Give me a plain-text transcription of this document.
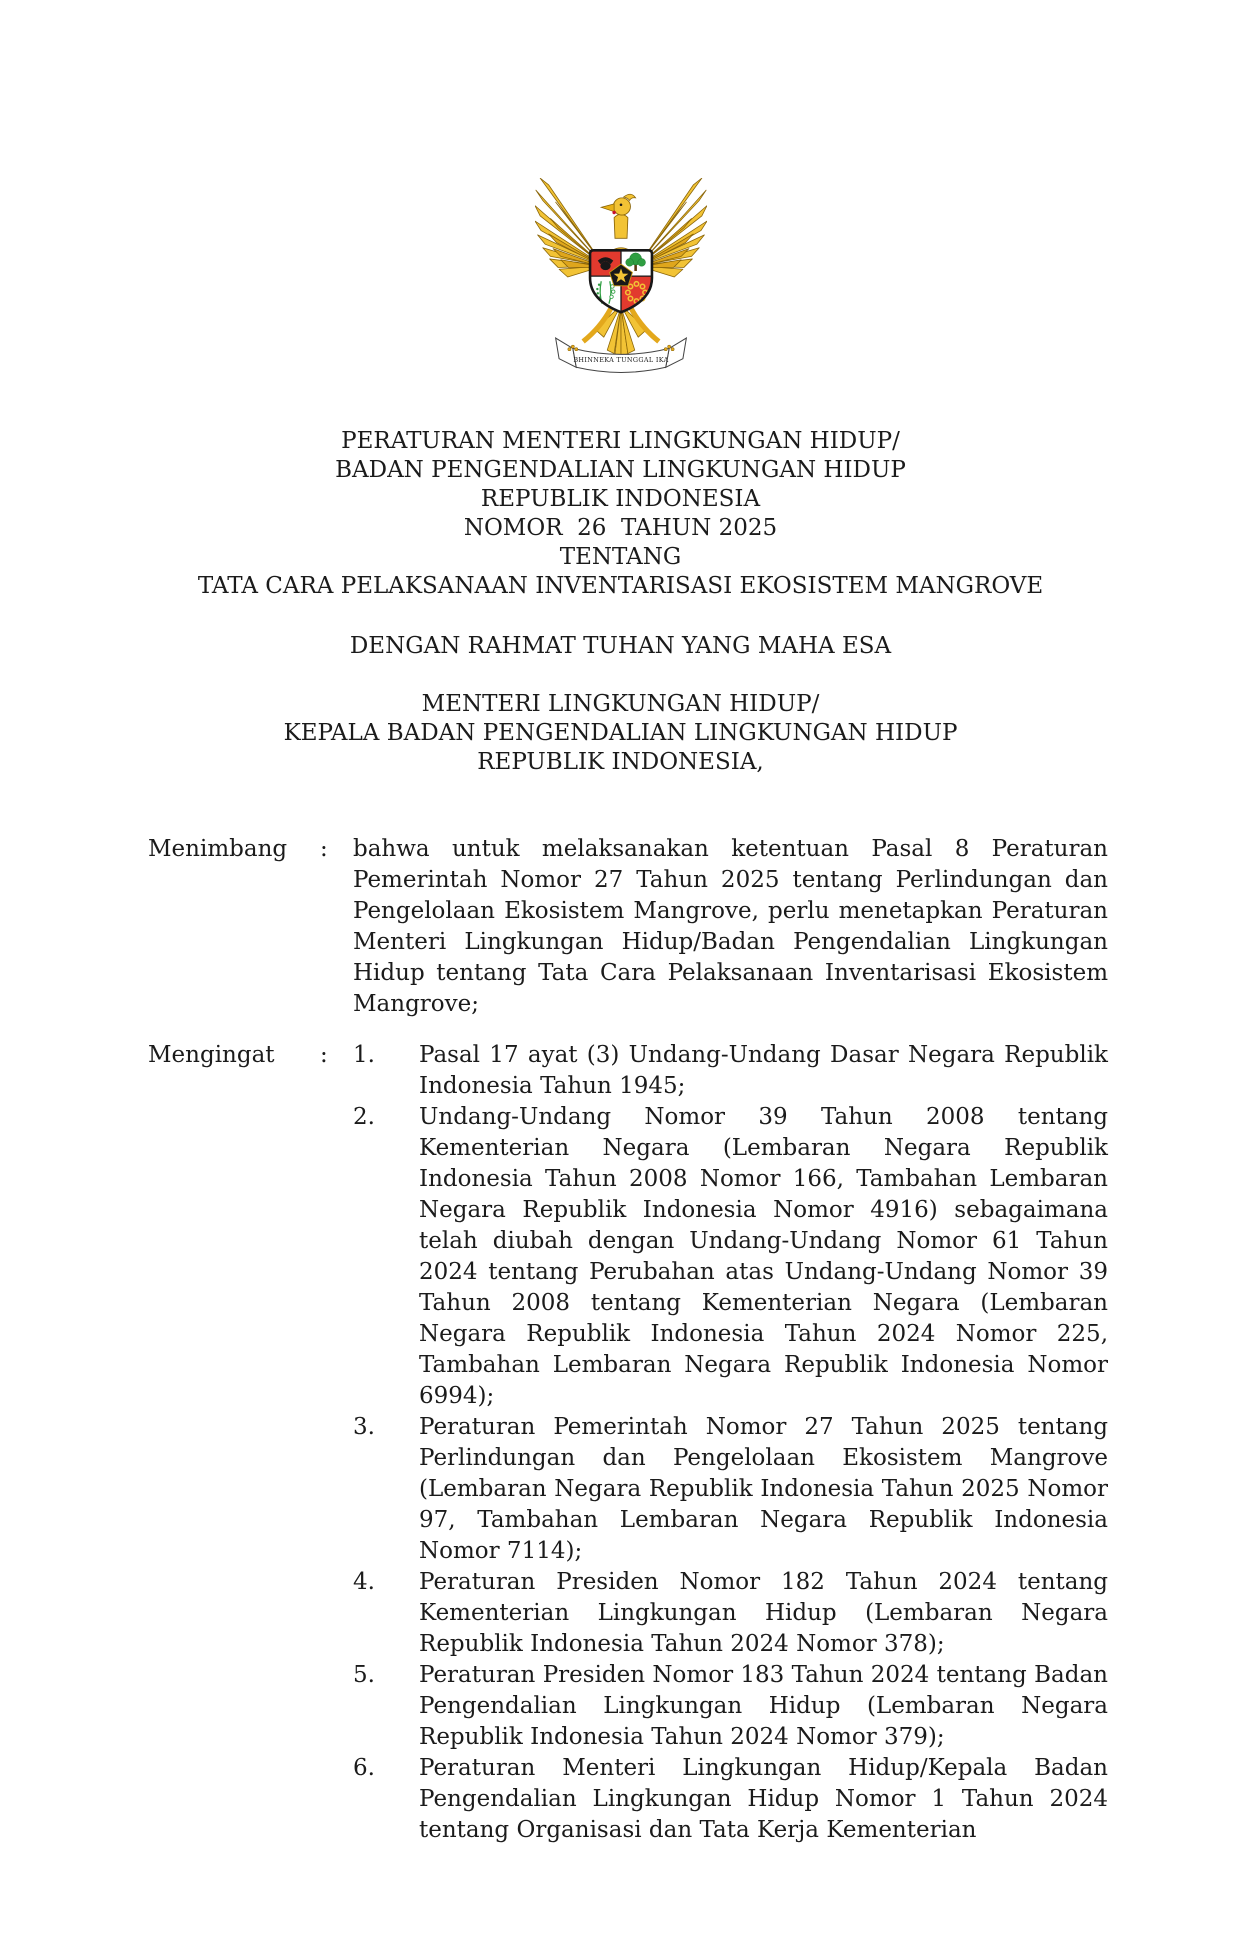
BHINNEKA TUNGGAL IKA
PERATURAN MENTERI LINGKUNGAN HIDUP/
BADAN PENGENDALIAN LINGKUNGAN HIDUP
REPUBLIK INDONESIA
NOMOR  26  TAHUN 2025
TENTANG
TATA CARA PELAKSANAAN INVENTARISASI EKOSISTEM MANGROVE
DENGAN RAHMAT TUHAN YANG MAHA ESA
MENTERI LINGKUNGAN HIDUP/
KEPALA BADAN PENGENDALIAN LINGKUNGAN HIDUP
REPUBLIK INDONESIA,
Menimbang	:	bahwa untuk melaksanakan ketentuan Pasal 8 Peraturan Pemerintah Nomor 27 Tahun 2025 tentang Perlindungan dan Pengelolaan Ekosistem Mangrove, perlu menetapkan Peraturan Menteri Lingkungan Hidup/Badan Pengendalian Lingkungan Hidup tentang Tata Cara Pelaksanaan Inventarisasi Ekosistem Mangrove;
Mengingat	:	1.	Pasal 17 ayat (3) Undang-Undang Dasar Negara Republik Indonesia Tahun 1945;
2.	Undang-Undang Nomor 39 Tahun 2008 tentang Kementerian Negara (Lembaran Negara Republik Indonesia Tahun 2008 Nomor 166, Tambahan Lembaran Negara Republik Indonesia Nomor 4916) sebagaimana telah diubah dengan Undang-Undang Nomor 61 Tahun 2024 tentang Perubahan atas Undang-Undang Nomor 39 Tahun 2008 tentang Kementerian Negara (Lembaran Negara Republik Indonesia Tahun 2024 Nomor 225, Tambahan Lembaran Negara Republik Indonesia Nomor 6994);
3.	Peraturan Pemerintah Nomor 27 Tahun 2025 tentang Perlindungan dan Pengelolaan Ekosistem Mangrove (Lembaran Negara Republik Indonesia Tahun 2025 Nomor 97, Tambahan Lembaran Negara Republik Indonesia Nomor 7114);
4.	Peraturan Presiden Nomor 182 Tahun 2024 tentang Kementerian Lingkungan Hidup (Lembaran Negara Republik Indonesia Tahun 2024 Nomor 378);
5.	Peraturan Presiden Nomor 183 Tahun 2024 tentang Badan Pengendalian Lingkungan Hidup (Lembaran Negara Republik Indonesia Tahun 2024 Nomor 379);
6.	Peraturan Menteri Lingkungan Hidup/Kepala Badan Pengendalian Lingkungan Hidup Nomor 1 Tahun 2024 tentang Organisasi dan Tata Kerja Kementerian
